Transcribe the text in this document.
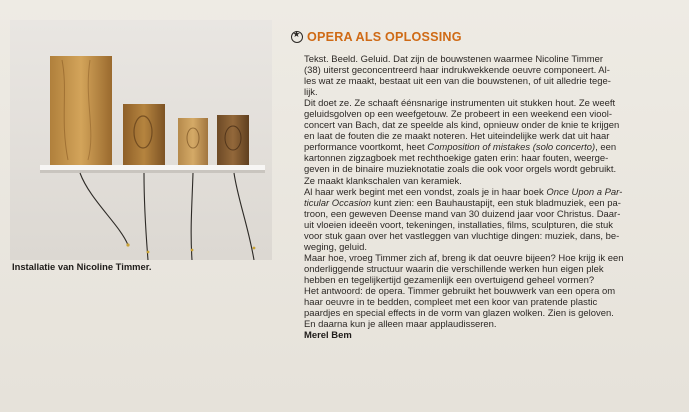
Installatie van Nicoline Timmer.
★
OPERA ALS OPLOSSING
Tekst. Beeld. Geluid. Dat zijn de bouwstenen waarmee Nicoline Timmer
(38) uiterst geconcentreerd haar indrukwekkende oeuvre componeert. Al-
les wat ze maakt, bestaat uit een van die bouwstenen, of uit alledrie tege-
lijk.
Dit doet ze. Ze schaaft éénsnarige instrumenten uit stukken hout. Ze weeft
geluidsgolven op een weefgetouw. Ze probeert in een weekend een viool-
concert van Bach, dat ze speelde als kind, opnieuw onder de knie te krijgen
en laat de fouten die ze maakt noteren. Het uiteindelijke werk dat uit haar
performance voortkomt, heet Composition of mistakes (solo concerto), een
kartonnen zigzagboek met rechthoekige gaten erin: haar fouten, weerge-
geven in de binaire muzieknotatie zoals die ook voor orgels wordt gebruikt.
Ze maakt klankschalen van keramiek.
Al haar werk begint met een vondst, zoals je in haar boek Once Upon a Par-
ticular Occasion kunt zien: een Bauhaustapijt, een stuk bladmuziek, een pa-
troon, een geweven Deense mand van 30 duizend jaar voor Christus. Daar-
uit vloeien ideeën voort, tekeningen, installaties, films, sculpturen, die stuk
voor stuk gaan over het vastleggen van vluchtige dingen: muziek, dans, be-
weging, geluid.
Maar hoe, vroeg Timmer zich af, breng ik dat oeuvre bijeen? Hoe krijg ik een
onderliggende structuur waarin die verschillende werken hun eigen plek
hebben en tegelijkertijd gezamenlijk een overtuigend geheel vormen?
Het antwoord: de opera. Timmer gebruikt het bouwwerk van een opera om
haar oeuvre in te bedden, compleet met een koor van pratende plastic
paardjes en special effects in de vorm van glazen wolken. Zien is geloven.
En daarna kun je alleen maar applaudisseren.
Merel Bem
